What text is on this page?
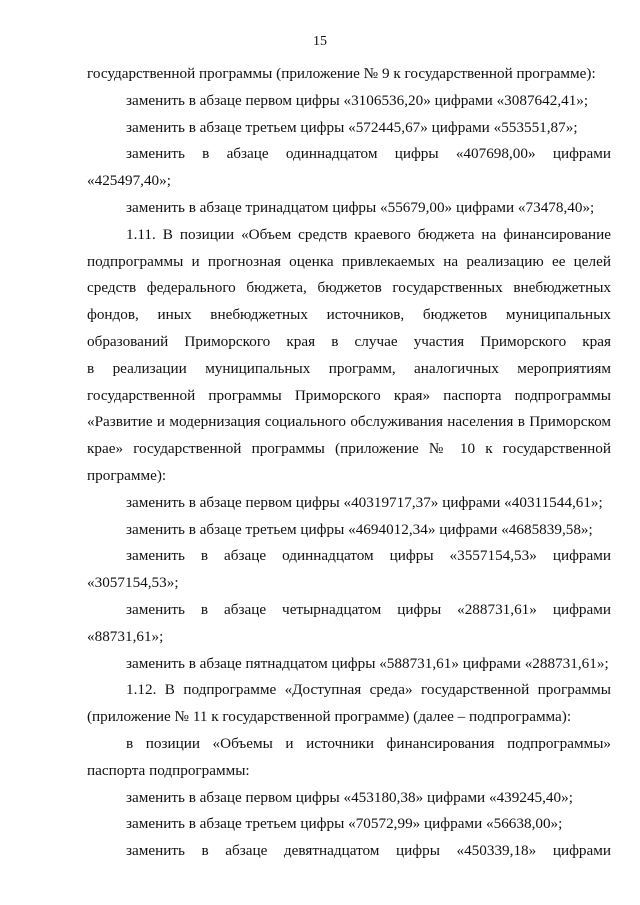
15
государственной программы (приложение № 9 к государственной программе):
заменить в абзаце первом цифры «3106536,20» цифрами «3087642,41»;
заменить в абзаце третьем цифры «572445,67» цифрами «553551,87»;
заменить в абзаце одиннадцатом цифры «407698,00» цифрами
«425497,40»;
заменить в абзаце тринадцатом цифры «55679,00» цифрами «73478,40»;
1.11. В позиции «Объем средств краевого бюджета на финансирование
подпрограммы и прогнозная оценка привлекаемых на реализацию ее целей
средств федерального бюджета, бюджетов государственных внебюджетных
фондов, иных внебюджетных источников, бюджетов муниципальных
образований Приморского края в случае участия Приморского края
в реализации муниципальных программ, аналогичных мероприятиям
государственной программы Приморского края» паспорта подпрограммы
«Развитие и модернизация социального обслуживания населения в Приморском
крае» государственной программы (приложение № 10 к государственной
программе):
заменить в абзаце первом цифры «40319717,37» цифрами «40311544,61»;
заменить в абзаце третьем цифры «4694012,34» цифрами «4685839,58»;
заменить в абзаце одиннадцатом цифры «3557154,53» цифрами
«3057154,53»;
заменить в абзаце четырнадцатом цифры «288731,61» цифрами
«88731,61»;
заменить в абзаце пятнадцатом цифры «588731,61» цифрами «288731,61»;
1.12. В подпрограмме «Доступная среда» государственной программы
(приложение № 11 к государственной программе) (далее – подпрограмма):
в позиции «Объемы и источники финансирования подпрограммы»
паспорта подпрограммы:
заменить в абзаце первом цифры «453180,38» цифрами «439245,40»;
заменить в абзаце третьем цифры «70572,99» цифрами «56638,00»;
заменить в абзаце девятнадцатом цифры «450339,18» цифрами
